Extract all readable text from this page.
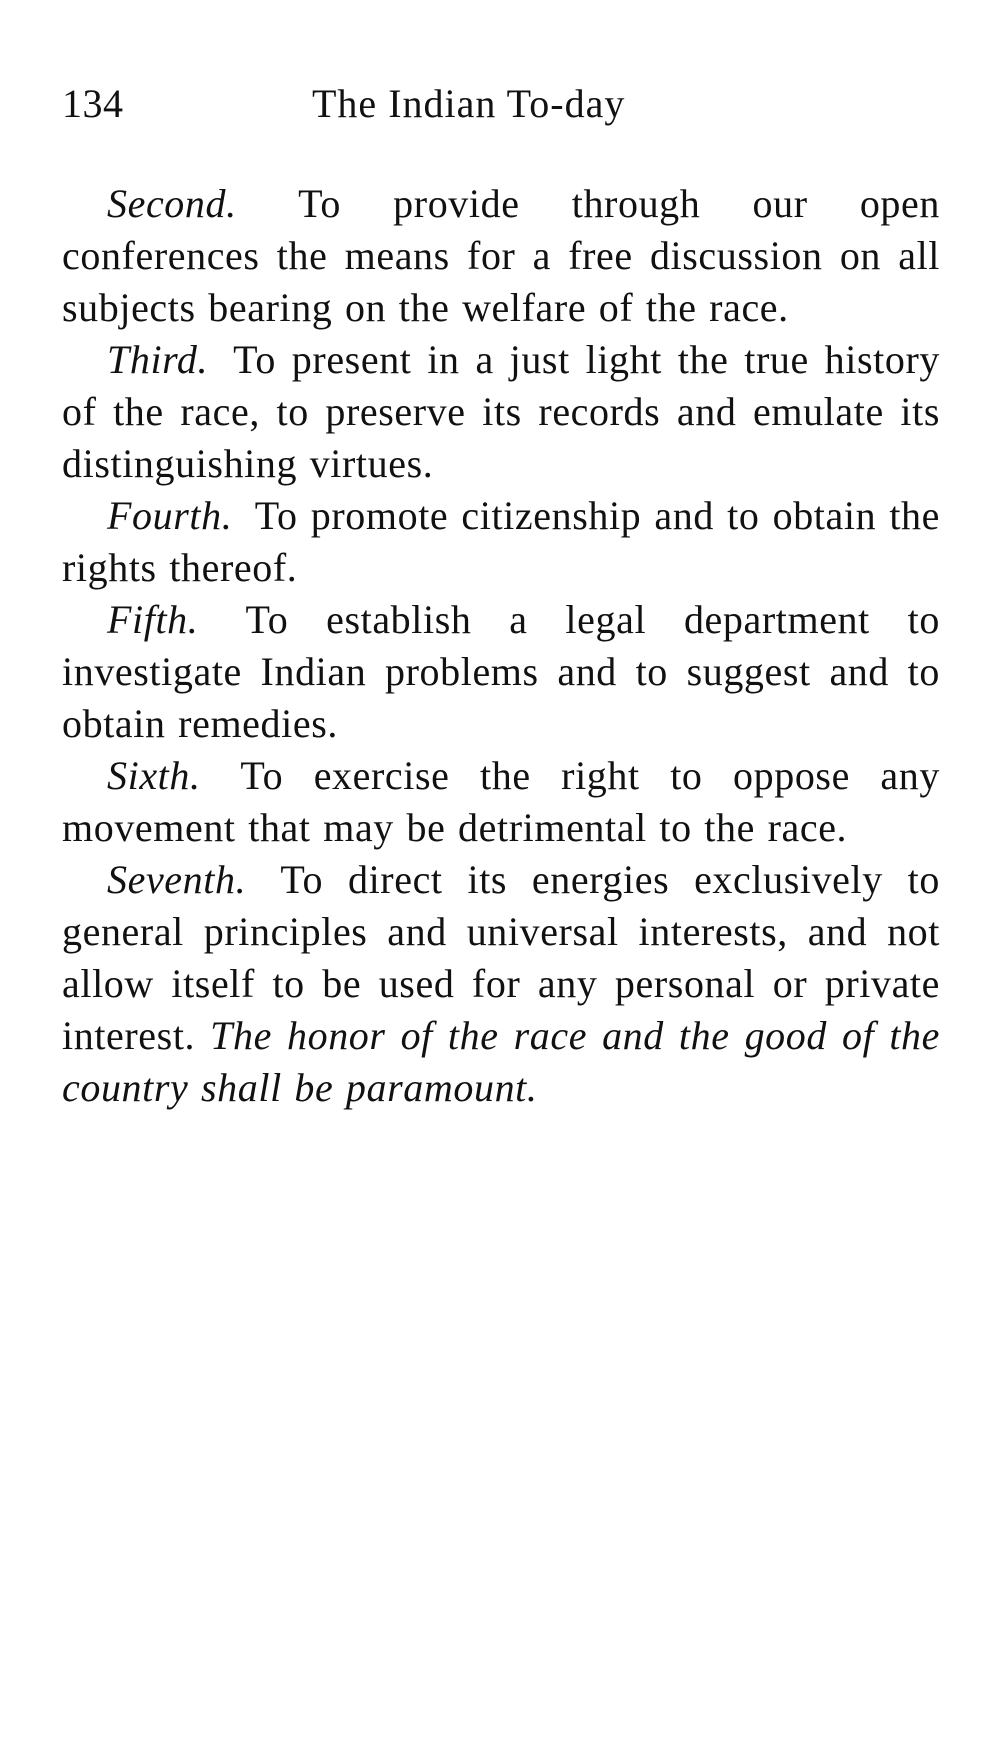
134	The Indian To-day

Second. To provide through our open conferences the means for a free discussion on all subjects bearing on the welfare of the race.

Third. To present in a just light the true history of the race, to preserve its records and emulate its distinguishing virtues.

Fourth. To promote citizenship and to obtain the rights thereof.

Fifth. To establish a legal department to investigate Indian problems and to suggest and to obtain remedies.

Sixth. To exercise the right to oppose any movement that may be detrimental to the race.

Seventh. To direct its energies exclusively to general principles and universal interests, and not allow itself to be used for any personal or private interest. The honor of the race and the good of the country shall be paramount.
